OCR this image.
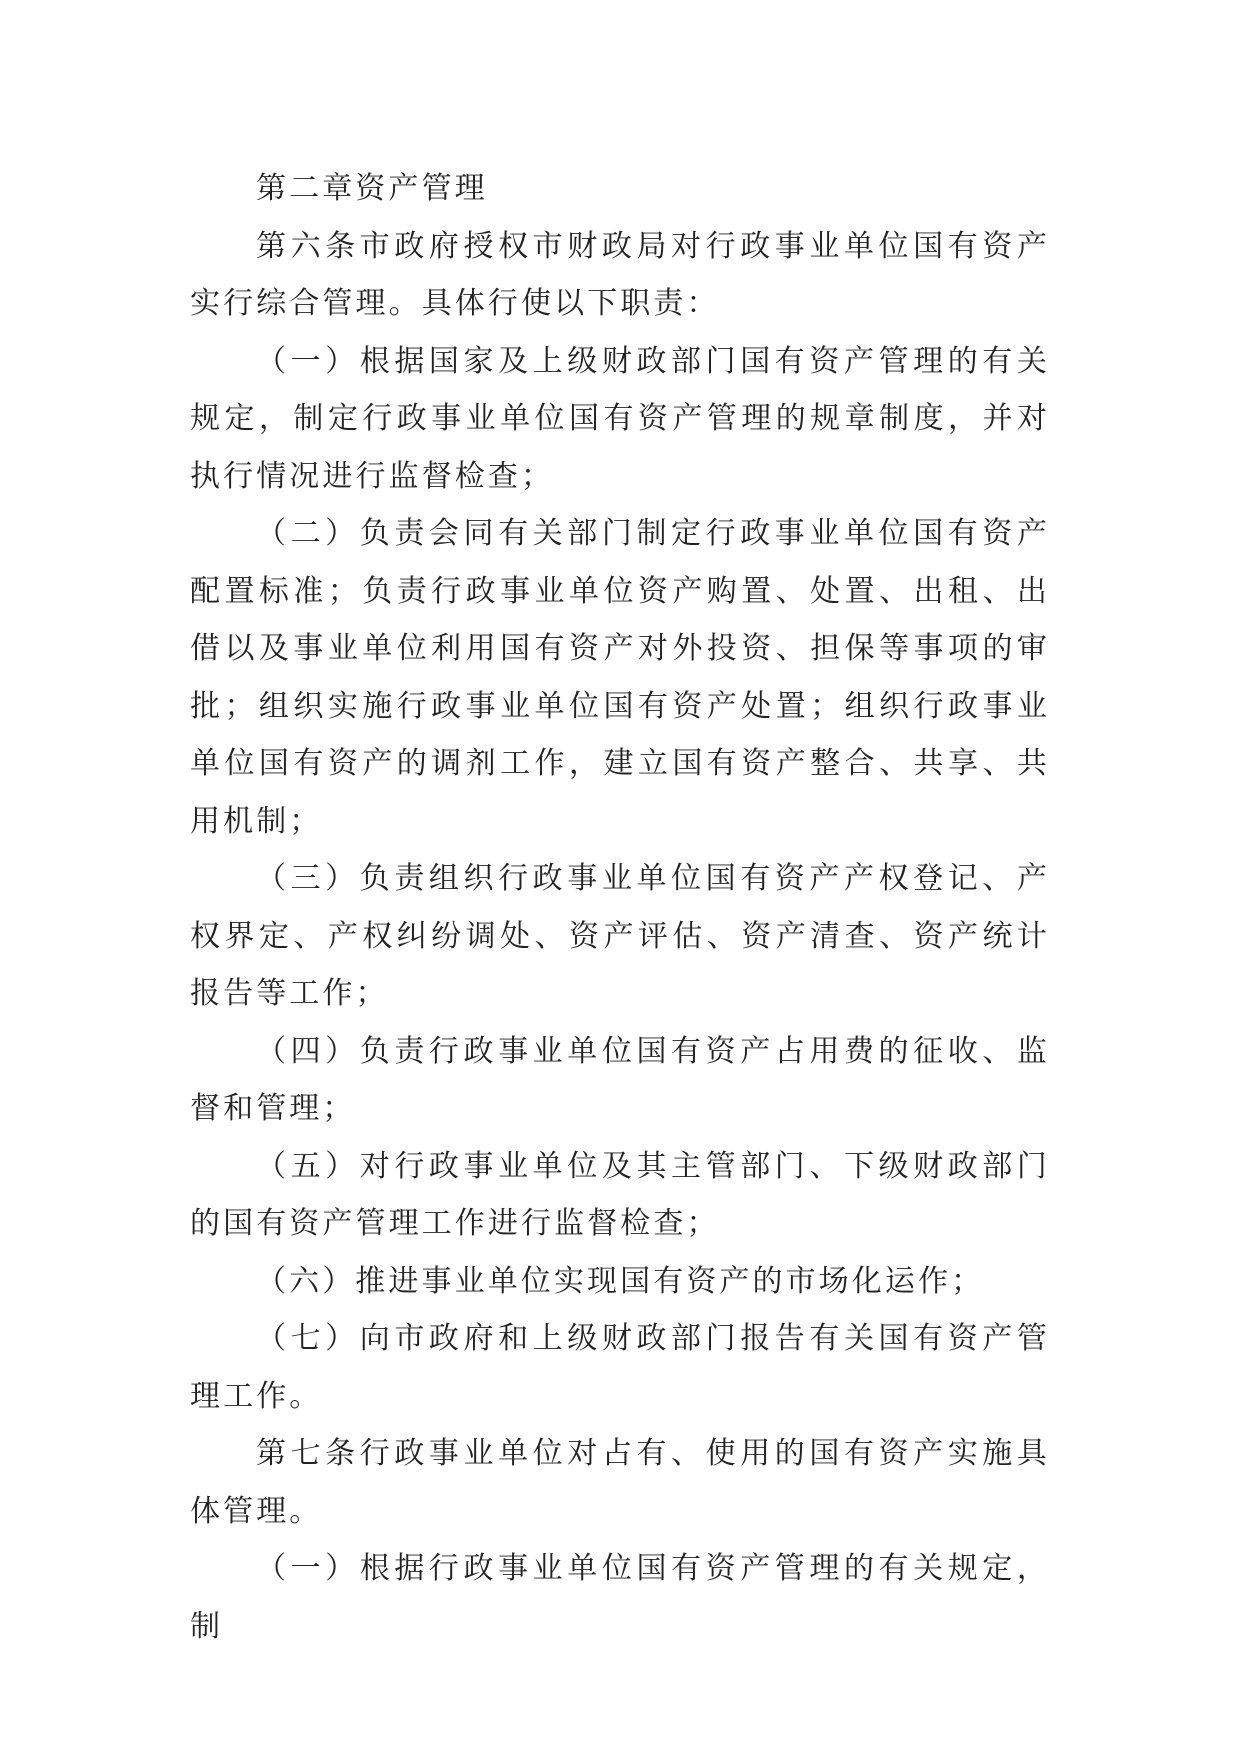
第二章资产管理

第六条市政府授权市财政局对行政事业单位国有资产实行综合管理。具体行使以下职责：

（一）根据国家及上级财政部门国有资产管理的有关规定，制定行政事业单位国有资产管理的规章制度，并对执行情况进行监督检查；

（二）负责会同有关部门制定行政事业单位国有资产配置标准；负责行政事业单位资产购置、处置、出租、出借以及事业单位利用国有资产对外投资、担保等事项的审批；组织实施行政事业单位国有资产处置；组织行政事业单位国有资产的调剂工作，建立国有资产整合、共享、共用机制；

（三）负责组织行政事业单位国有资产产权登记、产权界定、产权纠纷调处、资产评估、资产清查、资产统计报告等工作；

（四）负责行政事业单位国有资产占用费的征收、监督和管理；

（五）对行政事业单位及其主管部门、下级财政部门的国有资产管理工作进行监督检查；

（六）推进事业单位实现国有资产的市场化运作；

（七）向市政府和上级财政部门报告有关国有资产管理工作。

第七条行政事业单位对占有、使用的国有资产实施具体管理。

（一）根据行政事业单位国有资产管理的有关规定，制
